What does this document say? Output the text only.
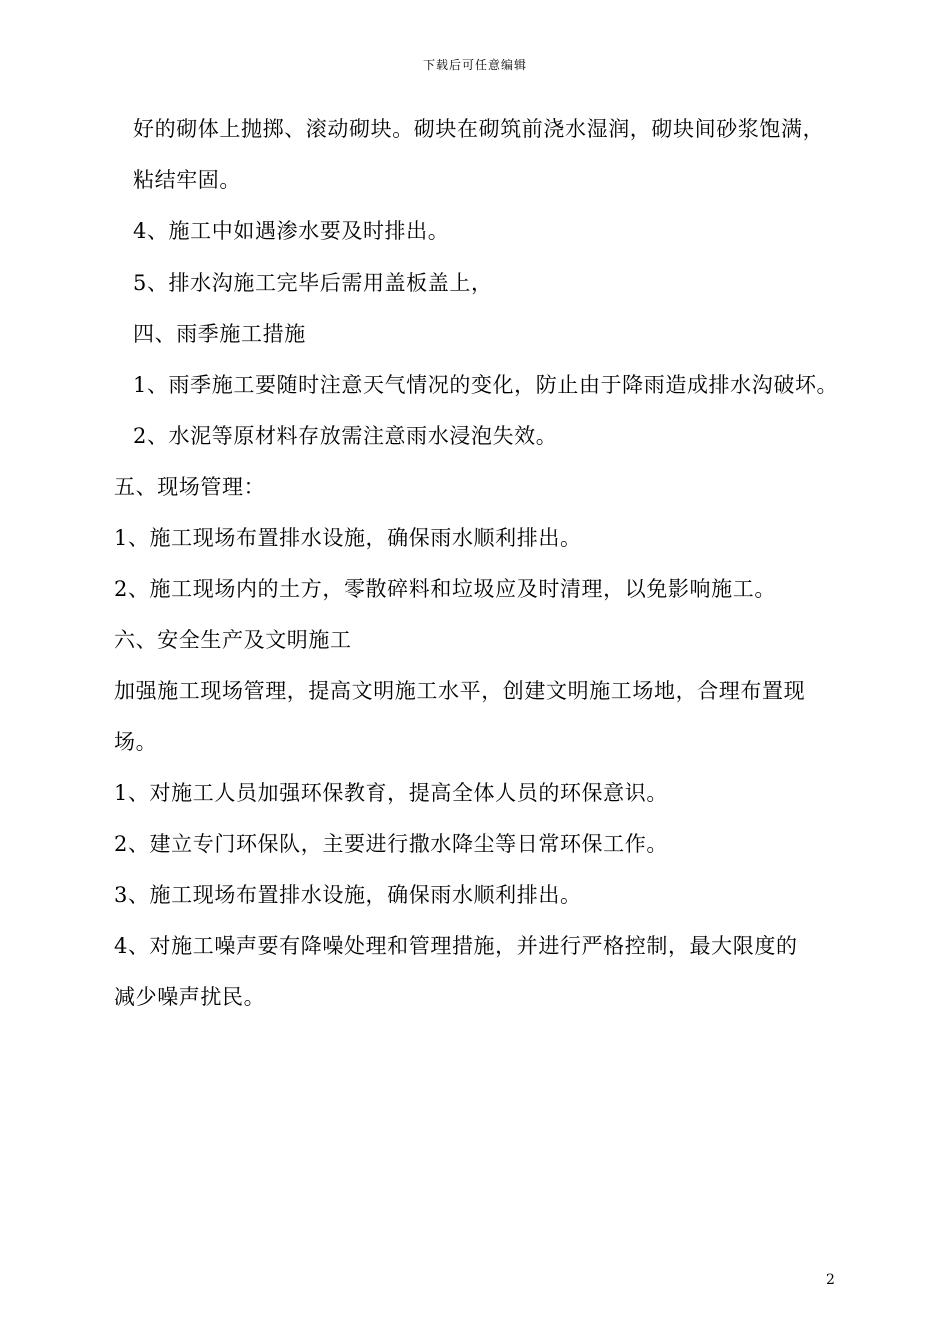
下载后可任意编辑
好的砌体上抛掷、滚动砌块。砌块在砌筑前浇水湿润，砌块间砂浆饱满，
粘结牢固。
4、施工中如遇渗水要及时排出。
5、排水沟施工完毕后需用盖板盖上，
四、雨季施工措施
1、雨季施工要随时注意天气情况的变化，防止由于降雨造成排水沟破坏。
2、水泥等原材料存放需注意雨水浸泡失效。
五、现场管理：
1、施工现场布置排水设施，确保雨水顺利排出。
2、施工现场内的土方，零散碎料和垃圾应及时清理，以免影响施工。
六、安全生产及文明施工
加强施工现场管理，提高文明施工水平，创建文明施工场地，合理布置现
场。
1、对施工人员加强环保教育，提高全体人员的环保意识。
2、建立专门环保队，主要进行撒水降尘等日常环保工作。
3、施工现场布置排水设施，确保雨水顺利排出。
4、对施工噪声要有降噪处理和管理措施，并进行严格控制，最大限度的
减少噪声扰民。
2
